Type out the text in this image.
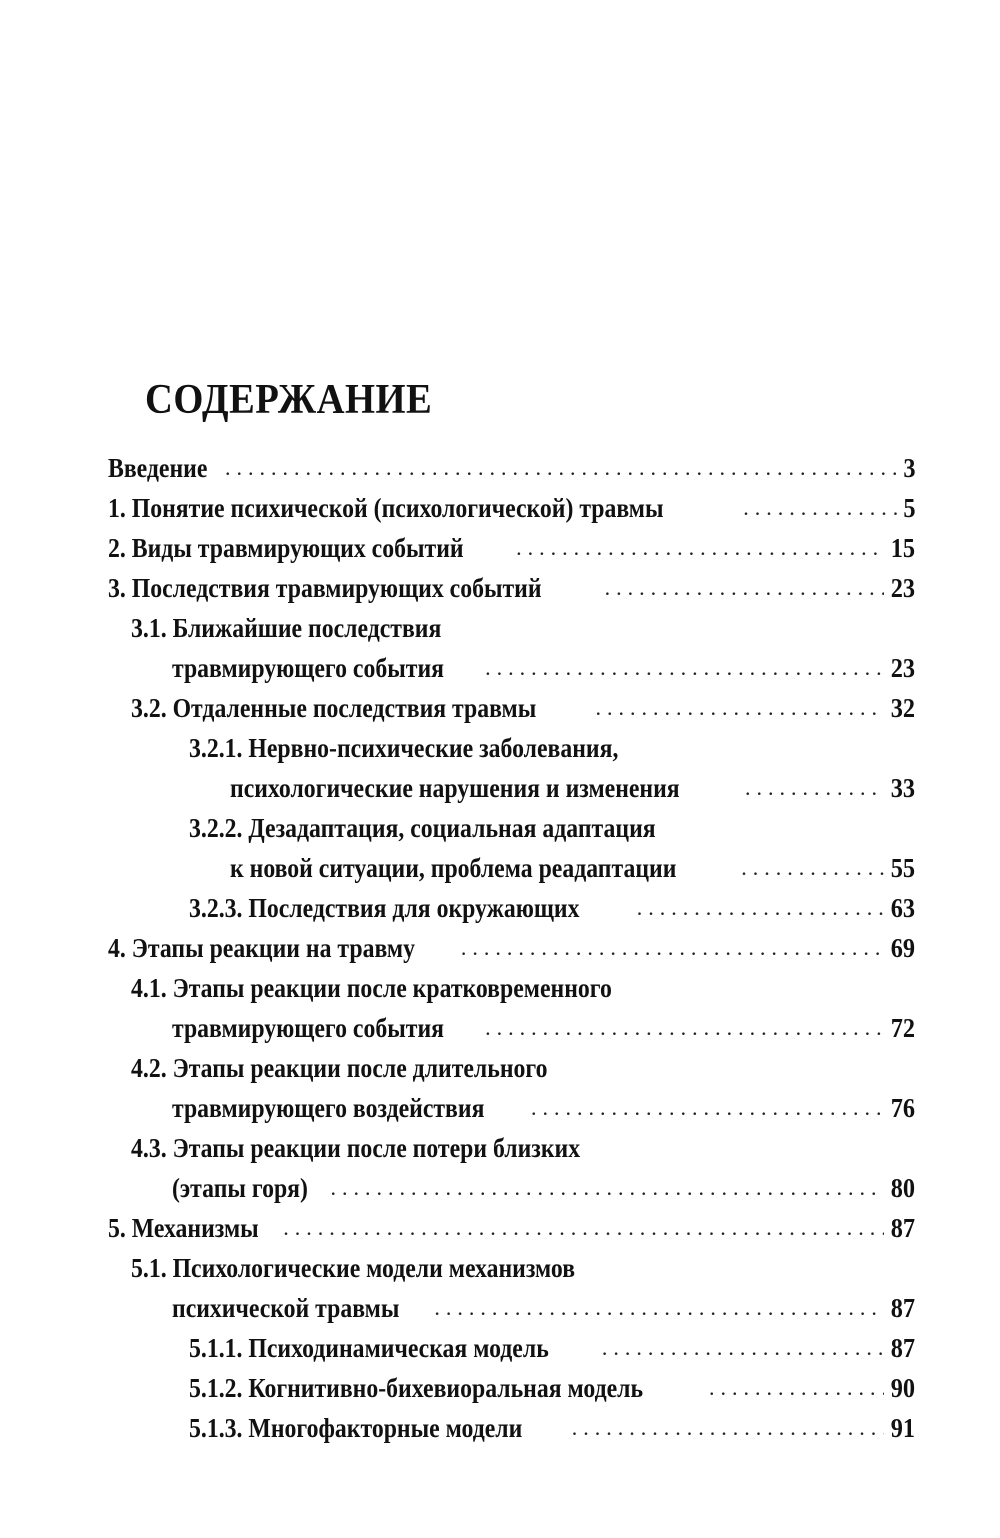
СОДЕРЖАНИЕ
Введение .....	3
1. Понятие психической (психологической) травмы .....	5
2. Виды травмирующих событий .....	15
3. Последствия травмирующих событий .....	23
3.1. Ближайшие последствия
травмирующего события .....	23
3.2. Отдаленные последствия травмы .....	32
3.2.1. Нервно-психические заболевания,
психологические нарушения и изменения .....	33
3.2.2. Дезадаптация, социальная адаптация
к новой ситуации, проблема реадаптации .....	55
3.2.3. Последствия для окружающих .....	63
4. Этапы реакции на травму .....	69
4.1. Этапы реакции после кратковременного
травмирующего события .....	72
4.2. Этапы реакции после длительного
травмирующего воздействия .....	76
4.3. Этапы реакции после потери близких
(этапы горя) .....	80
5. Механизмы .....	87
5.1. Психологические модели механизмов
психической травмы .....	87
5.1.1. Психодинамическая модель .....	87
5.1.2. Когнитивно-бихевиоральная модель .....	90
5.1.3. Многофакторные модели .....	91
